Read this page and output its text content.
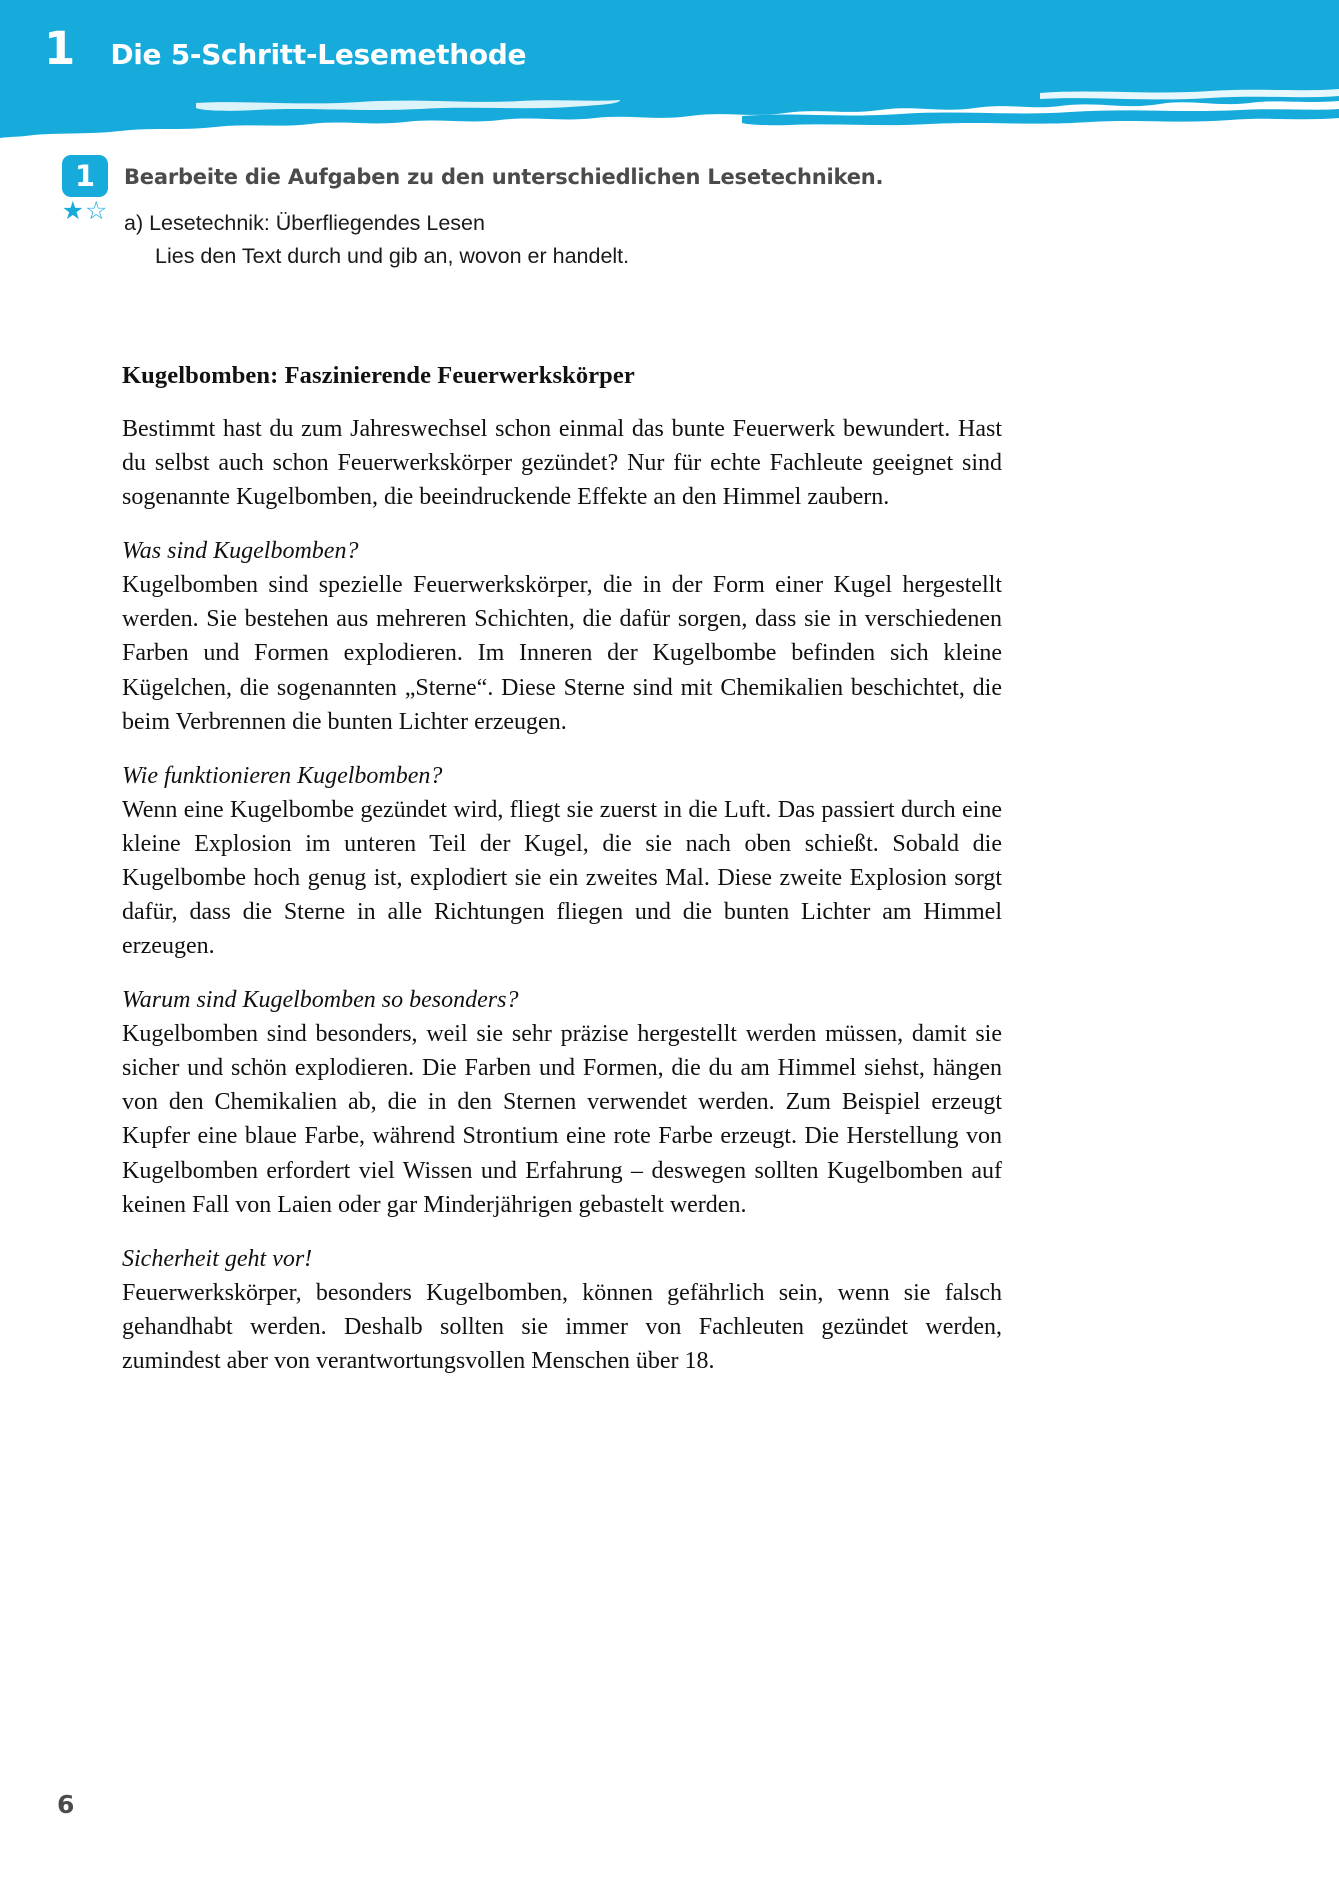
1 Die 5-Schritt-Lesemethode
1
★☆
Bearbeite die Aufgaben zu den unterschiedlichen Lesetechniken.
a) Lesetechnik: Überfliegendes Lesen
Lies den Text durch und gib an, wovon er handelt.
Kugelbomben: Faszinierende Feuerwerkskörper

Bestimmt hast du zum Jahreswechsel schon einmal das bunte Feuerwerk bewundert. Hast du selbst auch schon Feuerwerkskörper gezündet? Nur für echte Fachleute geeignet sind sogenannte Kugelbomben, die beeindruckende Effekte an den Himmel zaubern.

Was sind Kugelbomben?

Kugelbomben sind spezielle Feuerwerkskörper, die in der Form einer Kugel hergestellt werden. Sie bestehen aus mehreren Schichten, die dafür sorgen, dass sie in verschiedenen Farben und Formen explodieren. Im Inneren der Kugelbombe befinden sich kleine Kügelchen, die sogenannten „Sterne“. Diese Sterne sind mit Chemikalien beschichtet, die beim Verbrennen die bunten Lichter erzeugen.

Wie funktionieren Kugelbomben?

Wenn eine Kugelbombe gezündet wird, fliegt sie zuerst in die Luft. Das passiert durch eine kleine Explosion im unteren Teil der Kugel, die sie nach oben schießt. Sobald die Kugelbombe hoch genug ist, explodiert sie ein zweites Mal. Diese zweite Explosion sorgt dafür, dass die Sterne in alle Richtungen fliegen und die bunten Lichter am Himmel erzeugen.

Warum sind Kugelbomben so besonders?

Kugelbomben sind besonders, weil sie sehr präzise hergestellt werden müssen, damit sie sicher und schön explodieren. Die Farben und Formen, die du am Himmel siehst, hängen von den Chemikalien ab, die in den Sternen verwendet werden. Zum Beispiel erzeugt Kupfer eine blaue Farbe, während Strontium eine rote Farbe erzeugt. Die Herstellung von Kugelbomben erfordert viel Wissen und Erfahrung – deswegen sollten Kugelbomben auf keinen Fall von Laien oder gar Minderjährigen gebastelt werden.

Sicherheit geht vor!

Feuerwerkskörper, besonders Kugelbomben, können gefährlich sein, wenn sie falsch gehandhabt werden. Deshalb sollten sie immer von Fachleuten gezündet werden, zumindest aber von verantwortungsvollen Menschen über 18.

6
